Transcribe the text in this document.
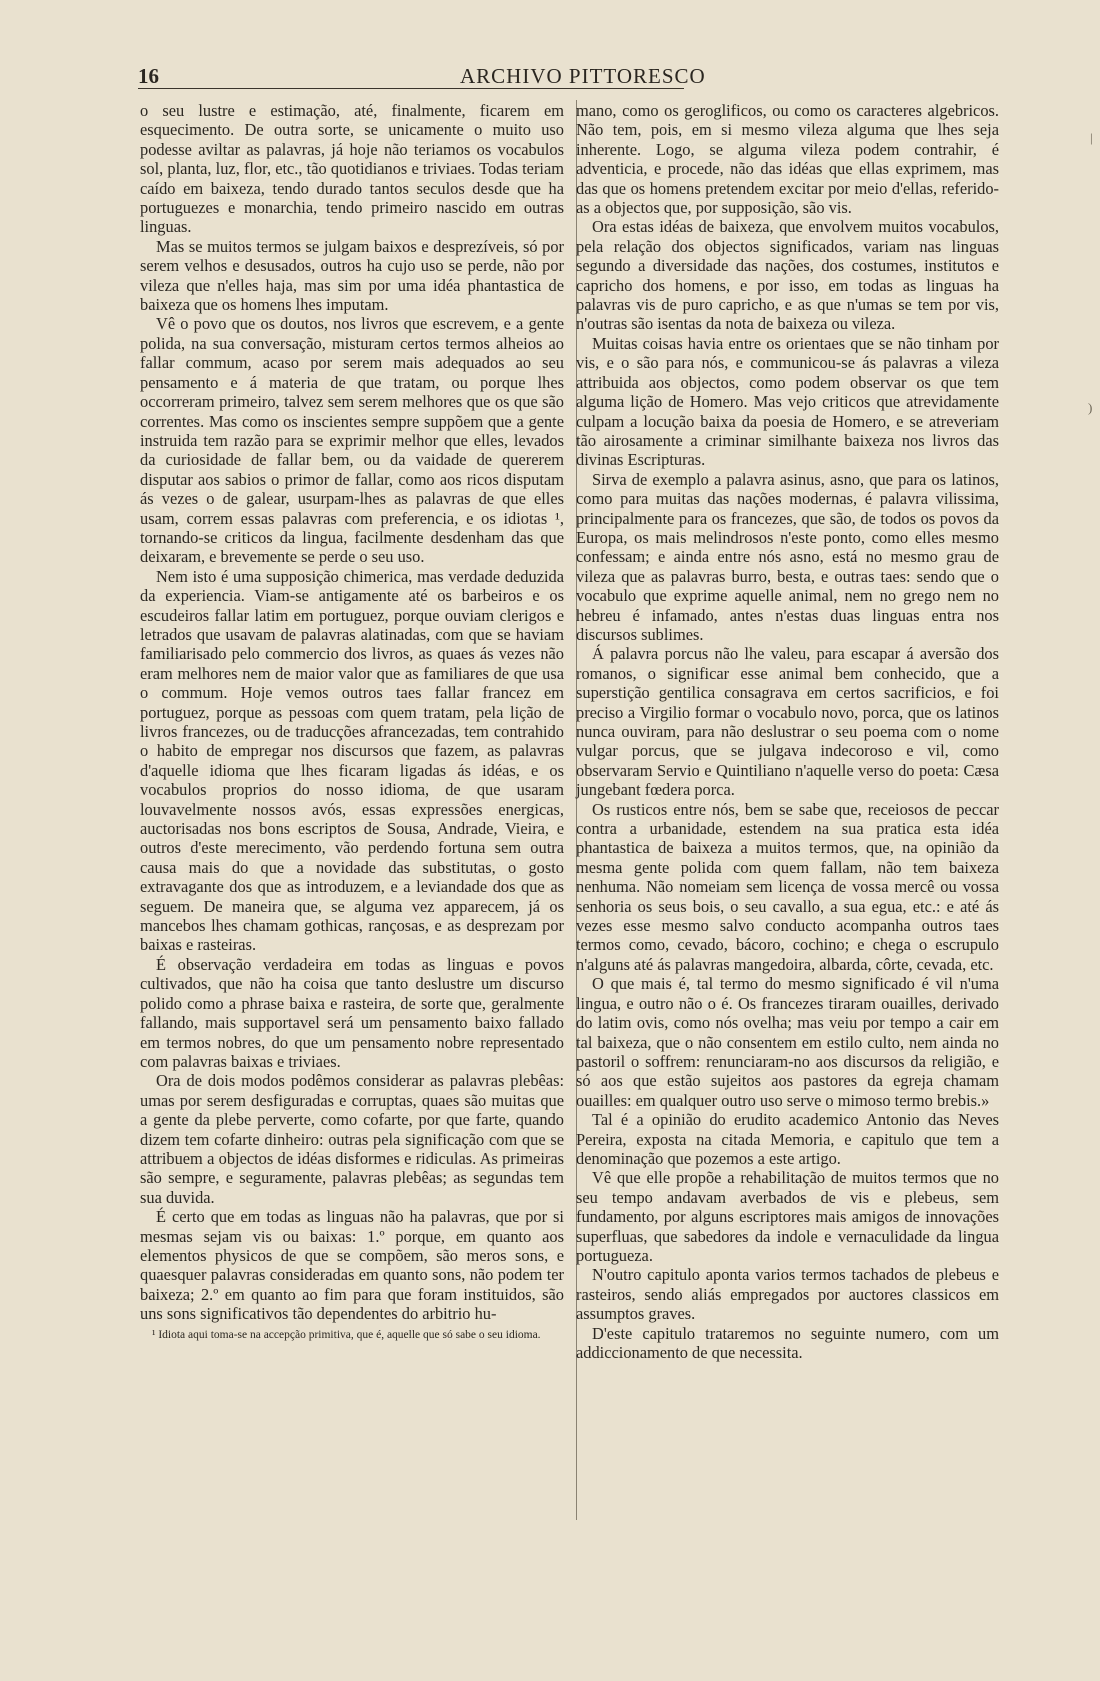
16	ARCHIVO PITTORESCO

o seu lustre e estimação, até, finalmente, ficarem em esquecimento. De outra sorte, se unicamente o muito uso podesse aviltar as palavras, já hoje não teriamos os vocabulos sol, planta, luz, flor, etc., tão quotidianos e triviaes. Todas teriam caído em baixeza, tendo durado tantos seculos desde que ha portuguezes e monarchia, tendo primeiro nascido em outras linguas.

Mas se muitos termos se julgam baixos e desprezíveis, só por serem velhos e desusados, outros ha cujo uso se perde, não por vileza que n'elles haja, mas sim por uma idéa phantastica de baixeza que os homens lhes imputam.

Vê o povo que os doutos, nos livros que escrevem, e a gente polida, na sua conversação, misturam certos termos alheios ao fallar commum, acaso por serem mais adequados ao seu pensamento e á materia de que tratam, ou porque lhes occorreram primeiro, talvez sem serem melhores que os que são correntes. Mas como os inscientes sempre suppõem que a gente instruida tem razão para se exprimir melhor que elles, levados da curiosidade de fallar bem, ou da vaidade de quererem disputar aos sabios o primor de fallar, como aos ricos disputam ás vezes o de galear, usurpam-lhes as palavras de que elles usam, correm essas palavras com preferencia, e os idiotas ¹, tornando-se criticos da lingua, facilmente desdenham das que deixaram, e brevemente se perde o seu uso.

Nem isto é uma supposição chimerica, mas verdade deduzida da experiencia. Viam-se antigamente até os barbeiros e os escudeiros fallar latim em portuguez, porque ouviam clerigos e letrados que usavam de palavras alatinadas, com que se haviam familiarisado pelo commercio dos livros, as quaes ás vezes não eram melhores nem de maior valor que as familiares de que usa o commum. Hoje vemos outros taes fallar francez em portuguez, porque as pessoas com quem tratam, pela lição de livros francezes, ou de traducções afrancezadas, tem contrahido o habito de empregar nos discursos que fazem, as palavras d'aquelle idioma que lhes ficaram ligadas ás idéas, e os vocabulos proprios do nosso idioma, de que usaram louvavelmente nossos avós, essas expressões energicas, auctorisadas nos bons escriptos de Sousa, Andrade, Vieira, e outros d'este merecimento, vão perdendo fortuna sem outra causa mais do que a novidade das substitutas, o gosto extravagante dos que as introduzem, e a leviandade dos que as seguem. De maneira que, se alguma vez apparecem, já os mancebos lhes chamam gothicas, rançosas, e as desprezam por baixas e rasteiras.

É observação verdadeira em todas as linguas e povos cultivados, que não ha coisa que tanto deslustre um discurso polido como a phrase baixa e rasteira, de sorte que, geralmente fallando, mais supportavel será um pensamento baixo fallado em termos nobres, do que um pensamento nobre representado com palavras baixas e triviaes.

Ora de dois modos podêmos considerar as palavras plebêas: umas por serem desfiguradas e corruptas, quaes são muitas que a gente da plebe perverte, como cofarte, por que farte, quando dizem tem cofarte dinheiro: outras pela significação com que se attribuem a objectos de idéas disformes e ridiculas. As primeiras são sempre, e seguramente, palavras plebêas; as segundas tem sua duvida.

É certo que em todas as linguas não ha palavras, que por si mesmas sejam vis ou baixas: 1.º porque, em quanto aos elementos physicos de que se compõem, são meros sons, e quaesquer palavras consideradas em quanto sons, não podem ter baixeza; 2.º em quanto ao fim para que foram instituidos, são uns sons significativos tão dependentes do arbitrio hu-

¹ Idiota aqui toma-se na accepção primitiva, que é, aquelle que só sabe o seu idioma.

mano, como os geroglificos, ou como os caracteres algebricos. Não tem, pois, em si mesmo vileza alguma que lhes seja inherente. Logo, se alguma vileza podem contrahir, é adventicia, e procede, não das idéas que ellas exprimem, mas das que os homens pretendem excitar por meio d'ellas, referido-as a objectos que, por supposição, são vis.

Ora estas idéas de baixeza, que envolvem muitos vocabulos, pela relação dos objectos significados, variam nas linguas segundo a diversidade das nações, dos costumes, institutos e capricho dos homens, e por isso, em todas as linguas ha palavras vis de puro capricho, e as que n'umas se tem por vis, n'outras são isentas da nota de baixeza ou vileza.

Muitas coisas havia entre os orientaes que se não tinham por vis, e o são para nós, e communicou-se ás palavras a vileza attribuida aos objectos, como podem observar os que tem alguma lição de Homero. Mas vejo criticos que atrevidamente culpam a locução baixa da poesia de Homero, e se atreveriam tão airosamente a criminar similhante baixeza nos livros das divinas Escripturas.

Sirva de exemplo a palavra asinus, asno, que para os latinos, como para muitas das nações modernas, é palavra vilissima, principalmente para os francezes, que são, de todos os povos da Europa, os mais melindrosos n'este ponto, como elles mesmo confessam; e ainda entre nós asno, está no mesmo grau de vileza que as palavras burro, besta, e outras taes: sendo que o vocabulo que exprime aquelle animal, nem no grego nem no hebreu é infamado, antes n'estas duas linguas entra nos discursos sublimes.

Á palavra porcus não lhe valeu, para escapar á aversão dos romanos, o significar esse animal bem conhecido, que a superstição gentilica consagrava em certos sacrificios, e foi preciso a Virgilio formar o vocabulo novo, porca, que os latinos nunca ouviram, para não deslustrar o seu poema com o nome vulgar porcus, que se julgava indecoroso e vil, como observaram Servio e Quintiliano n'aquelle verso do poeta: Cæsa jungebant fœdera porca.

Os rusticos entre nós, bem se sabe que, receiosos de peccar contra a urbanidade, estendem na sua pratica esta idéa phantastica de baixeza a muitos termos, que, na opinião da mesma gente polida com quem fallam, não tem baixeza nenhuma. Não nomeiam sem licença de vossa mercê ou vossa senhoria os seus bois, o seu cavallo, a sua egua, etc.: e até ás vezes esse mesmo salvo conducto acompanha outros taes termos como, cevado, bácoro, cochino; e chega o escrupulo n'alguns até ás palavras mangedoira, albarda, côrte, cevada, etc.

O que mais é, tal termo do mesmo significado é vil n'uma lingua, e outro não o é. Os francezes tiraram ouailles, derivado do latim ovis, como nós ovelha; mas veiu por tempo a cair em tal baixeza, que o não consentem em estilo culto, nem ainda no pastoril o soffrem: renunciaram-no aos discursos da religião, e só aos que estão sujeitos aos pastores da egreja chamam ouailles: em qualquer outro uso serve o mimoso termo brebis.»

Tal é a opinião do erudito academico Antonio das Neves Pereira, exposta na citada Memoria, e capitulo que tem a denominação que pozemos a este artigo.

Vê que elle propõe a rehabilitação de muitos termos que no seu tempo andavam averbados de vis e plebeus, sem fundamento, por alguns escriptores mais amigos de innovações superfluas, que sabedores da indole e vernaculidade da lingua portugueza.

N'outro capitulo aponta varios termos tachados de plebeus e rasteiros, sendo aliás empregados por auctores classicos em assumptos graves.

D'este capitulo trataremos no seguinte numero, com um addiccionamento de que necessita.

|
)
